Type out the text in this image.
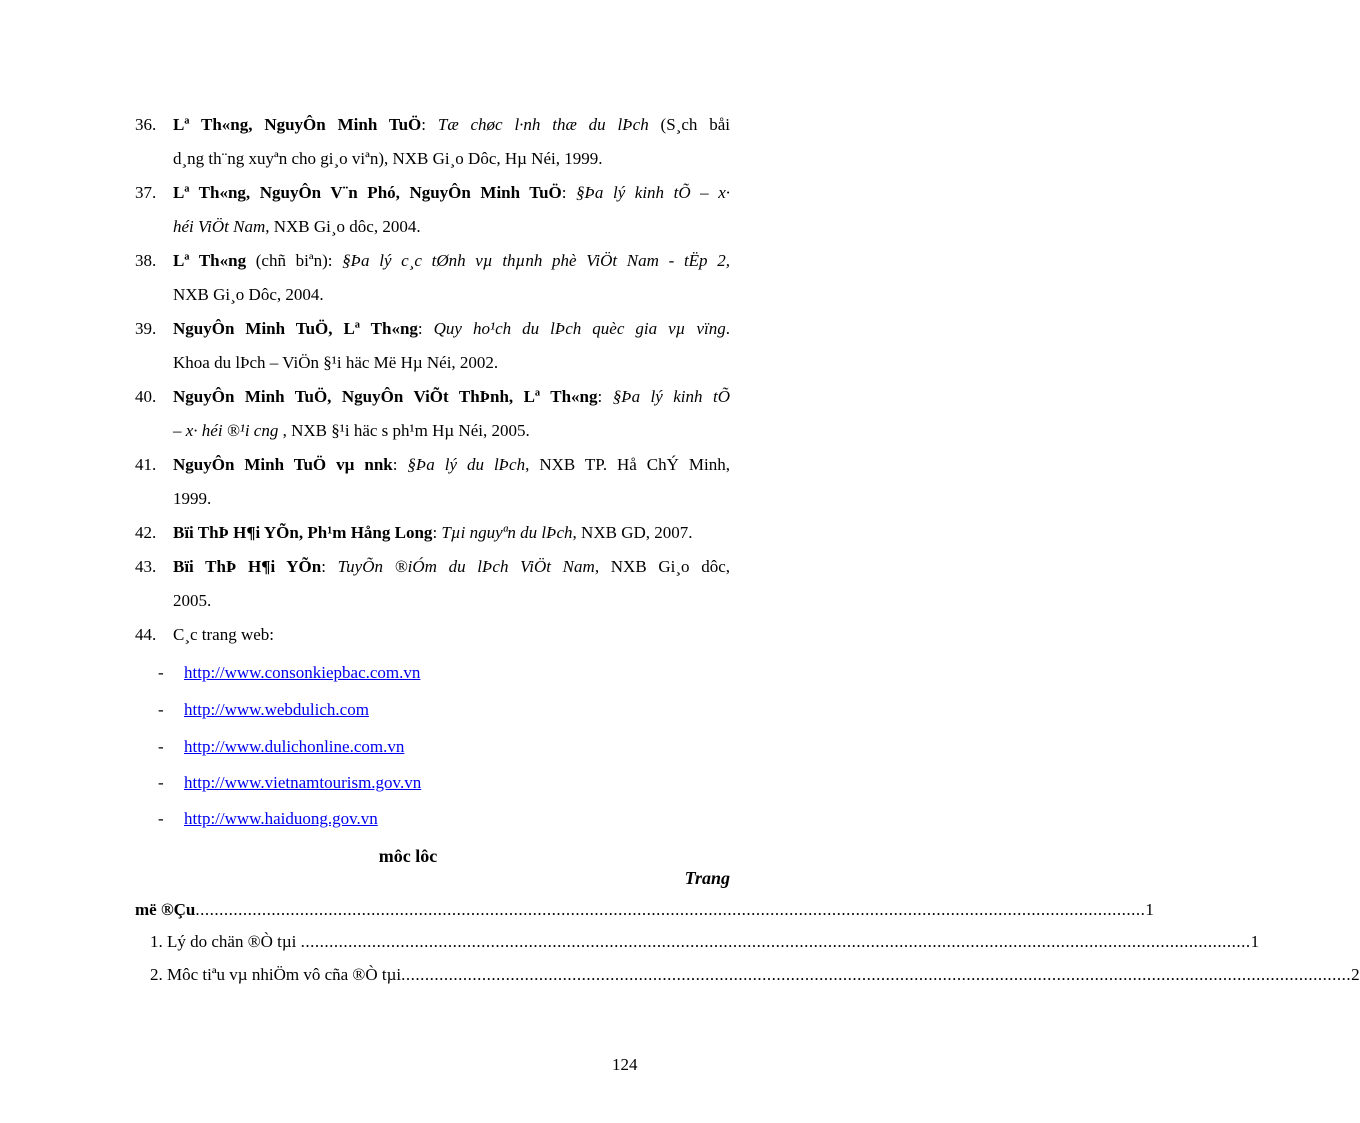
36. Lª Th«ng, NguyÔn Minh TuÖ: Tæ chøc l·nh thæ du lÞch (S¸ch båi
d¸ng th¨ng xuyªn cho gi¸o viªn), NXB Gi¸o Dôc, Hµ Néi, 1999.
37. Lª Th«ng, NguyÔn V¨n Phó, NguyÔn Minh TuÖ: §Þa lý kinh tÕ – x·
héi ViÖt Nam, NXB Gi¸o dôc, 2004.
38. Lª Th«ng (chñ biªn): §Þa lý c¸c tØnh vµ thµnh phè ViÖt Nam - tËp 2,
NXB Gi¸o Dôc, 2004.
39. NguyÔn Minh TuÖ, Lª Th«ng: Quy ho¹ch du lÞch quèc gia vµ vïng.
Khoa du lÞch – ViÖn §¹i häc Më Hµ Néi, 2002.
40. NguyÔn Minh TuÖ, NguyÔn ViÕt ThÞnh, Lª Th«ng: §Þa lý kinh tÕ
– x· héi ®¹i cng , NXB §¹i häc s ph¹m Hµ Néi, 2005.
41. NguyÔn Minh TuÖ vµ nnk: §Þa lý du lÞch, NXB TP. Hå ChÝ Minh,
1999.
42. Bïi ThÞ H¶i YÕn, Ph¹m Hång Long: Tµi nguyªn du lÞch, NXB GD, 2007.
43. Bïi ThÞ H¶i YÕn: TuyÕn ®iÓm du lÞch ViÖt Nam, NXB Gi¸o dôc,
2005.
44. C¸c trang web:
- http://www.consonkiepbac.com.vn
- http://www.webdulich.com
- http://www.dulichonline.com.vn
- http://www.vietnamtourism.gov.vn
- http://www.haiduong.gov.vn
môc lôc
Trang
më ®Çu ........................................................................................................................................................................................................ 1
1. Lý do chän ®Ò tµi ........................................................................................................................................................................................................ 1
2. Môc tiªu vµ nhiÖm vô cña ®Ò tµi ........................................................................................................................................................................................................ 2
124
